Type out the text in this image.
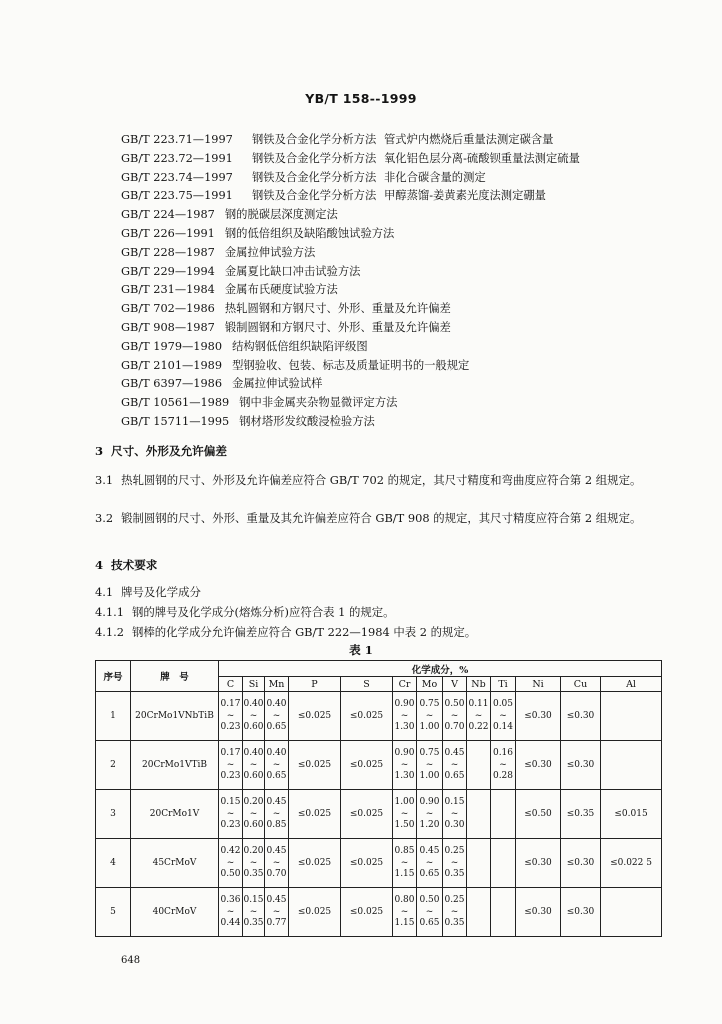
YB/T 158--1999
GB/T 223.71—1997 钢铁及合金化学分析方法 管式炉内燃烧后重量法测定碳含量
GB/T 223.72—1991 钢铁及合金化学分析方法 氧化铝色层分离-硫酸钡重量法测定硫量
GB/T 223.74—1997 钢铁及合金化学分析方法 非化合碳含量的测定
GB/T 223.75—1991 钢铁及合金化学分析方法 甲醇蒸馏-姜黄素光度法测定硼量
GB/T 224—1987 钢的脱碳层深度测定法
GB/T 226—1991 钢的低倍组织及缺陷酸蚀试验方法
GB/T 228—1987 金属拉伸试验方法
GB/T 229—1994 金属夏比缺口冲击试验方法
GB/T 231—1984 金属布氏硬度试验方法
GB/T 702—1986 热轧圆钢和方钢尺寸、外形、重量及允许偏差
GB/T 908—1987 锻制圆钢和方钢尺寸、外形、重量及允许偏差
GB/T 1979—1980 结构钢低倍组织缺陷评级图
GB/T 2101—1989 型钢验收、包装、标志及质量证明书的一般规定
GB/T 6397—1986 金属拉伸试验试样
GB/T 10561—1989 钢中非金属夹杂物显微评定方法
GB/T 15711—1995 钢材塔形发纹酸浸检验方法
3 尺寸、外形及允许偏差
3.1 热轧圆钢的尺寸、外形及允许偏差应符合 GB/T 702 的规定，其尺寸精度和弯曲度应符合第 2 组规定。
3.2 锻制圆钢的尺寸、外形、重量及其允许偏差应符合 GB/T 908 的规定，其尺寸精度应符合第 2 组规定。
4 技术要求
4.1 牌号及化学成分
4.1.1 钢的牌号及化学成分(熔炼分析)应符合表 1 的规定。
4.1.2 钢棒的化学成分允许偏差应符合 GB/T 222—1984 中表 2 的规定。
表 1
序号	牌　号	化学成分，%												
		C	Si	Mn	P	S	Cr	Mo	V	Nb	Ti	Ni	Cu	Al
1	20CrMo1VNbTiB	0.17
~
0.23	0.40
~
0.60	0.40
~
0.65	≤0.025	≤0.025	0.90
~
1.30	0.75
~
1.00	0.50
~
0.70	0.11
~
0.22	0.05
~
0.14	≤0.30	≤0.30	
2	20CrMo1VTiB	0.17
~
0.23	0.40
~
0.60	0.40
~
0.65	≤0.025	≤0.025	0.90
~
1.30	0.75
~
1.00	0.45
~
0.65		0.16
~
0.28	≤0.30	≤0.30	
3	20CrMo1V	0.15
~
0.23	0.20
~
0.60	0.45
~
0.85	≤0.025	≤0.025	1.00
~
1.50	0.90
~
1.20	0.15
~
0.30			≤0.50	≤0.35	≤0.015
4	45CrMoV	0.42
~
0.50	0.20
~
0.35	0.45
~
0.70	≤0.025	≤0.025	0.85
~
1.15	0.45
~
0.65	0.25
~
0.35			≤0.30	≤0.30	≤0.022 5
5	40CrMoV	0.36
~
0.44	0.15
~
0.35	0.45
~
0.77	≤0.025	≤0.025	0.80
~
1.15	0.50
~
0.65	0.25
~
0.35			≤0.30	≤0.30	
648
